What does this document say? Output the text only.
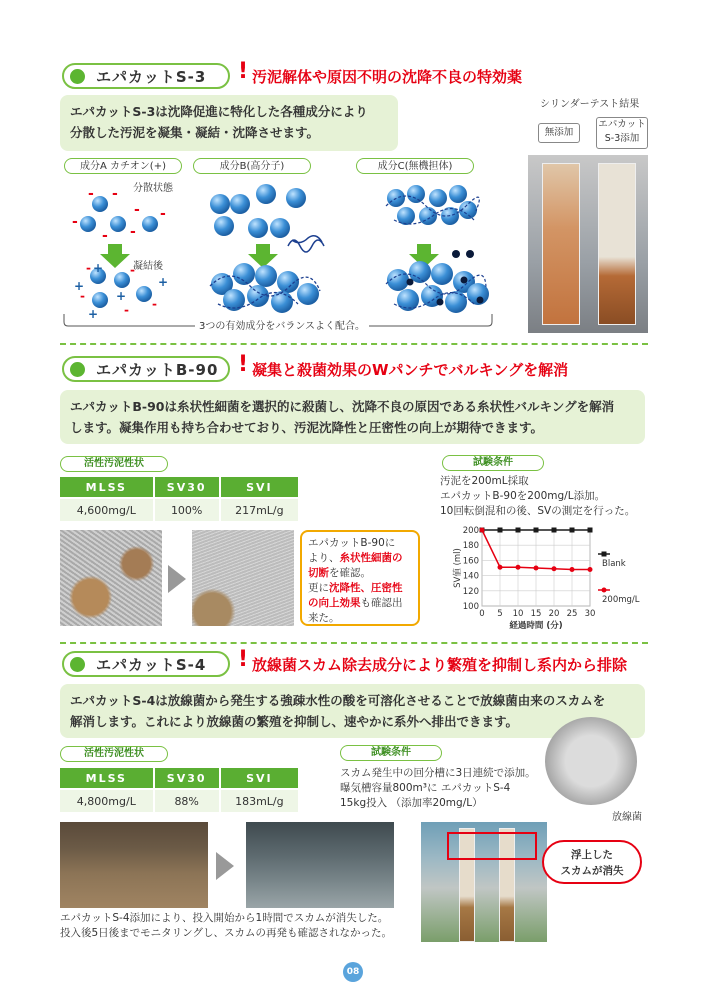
エパカットS-3 ! 汚泥解体や原因不明の沈降不良の特効薬
エパカットS-3は沈降促進に特化した各種成分により
分散した汚泥を凝集・凝結・沈降させます。
シリンダーテスト結果
成分A カチオン(+)	成分B(高分子)	成分C(無機担体)
- -
-
-
-
-
-
- +
+
-
-
+
+
-
+ -
分散状態
凝結後
3つの有効成分をバランスよく配合。
無添加
エパカット
S-3添加
エパカットB-90 ! 凝集と殺菌効果のWパンチでバルキングを解消
エパカットB-90は糸状性細菌を選択的に殺菌し、沈降不良の原因である糸状性バルキングを解消
します。凝集作用も持ち合わせており、汚泥沈降性と圧密性の向上が期待できます。
活性汚泥性状
MLSS	SV30	SVI
4,600mg/L	100%	217mL/g
エパカットB-90に
より、糸状性細菌の
切断を確認。
更に沈降性、圧密性
の向上効果も確認出
来た。
試験条件
汚泥を200mL採取
エパカットB-90を200mg/L添加。
10回転倒混和の後、SVの測定を行った。
100
120
140
160
180
200
0 5 10 15 20 25 30
経過時間 (分)
SV値 (ml)	Blank
200mg/L
エパカットS-4 ! 放線菌スカム除去成分により繁殖を抑制し系内から排除
エパカットS-4は放線菌から発生する強疎水性の酸を可溶化させることで放線菌由来のスカムを
解消します。これにより放線菌の繁殖を抑制し、速やかに系外へ排出できます。
活性汚泥性状
MLSS	SV30	SVI
4,800mg/L	88%	183mL/g
試験条件
スカム発生中の回分槽に3日連続で添加。
曝気槽容量800m³に エパカットS-4
15kg投入 （添加率20mg/L）
放線菌
浮上した
スカムが消失
エパカットS-4添加により、投入開始から1時間でスカムが消失した。
投入後5日後までモニタリングし、スカムの再発も確認されなかった。
08
